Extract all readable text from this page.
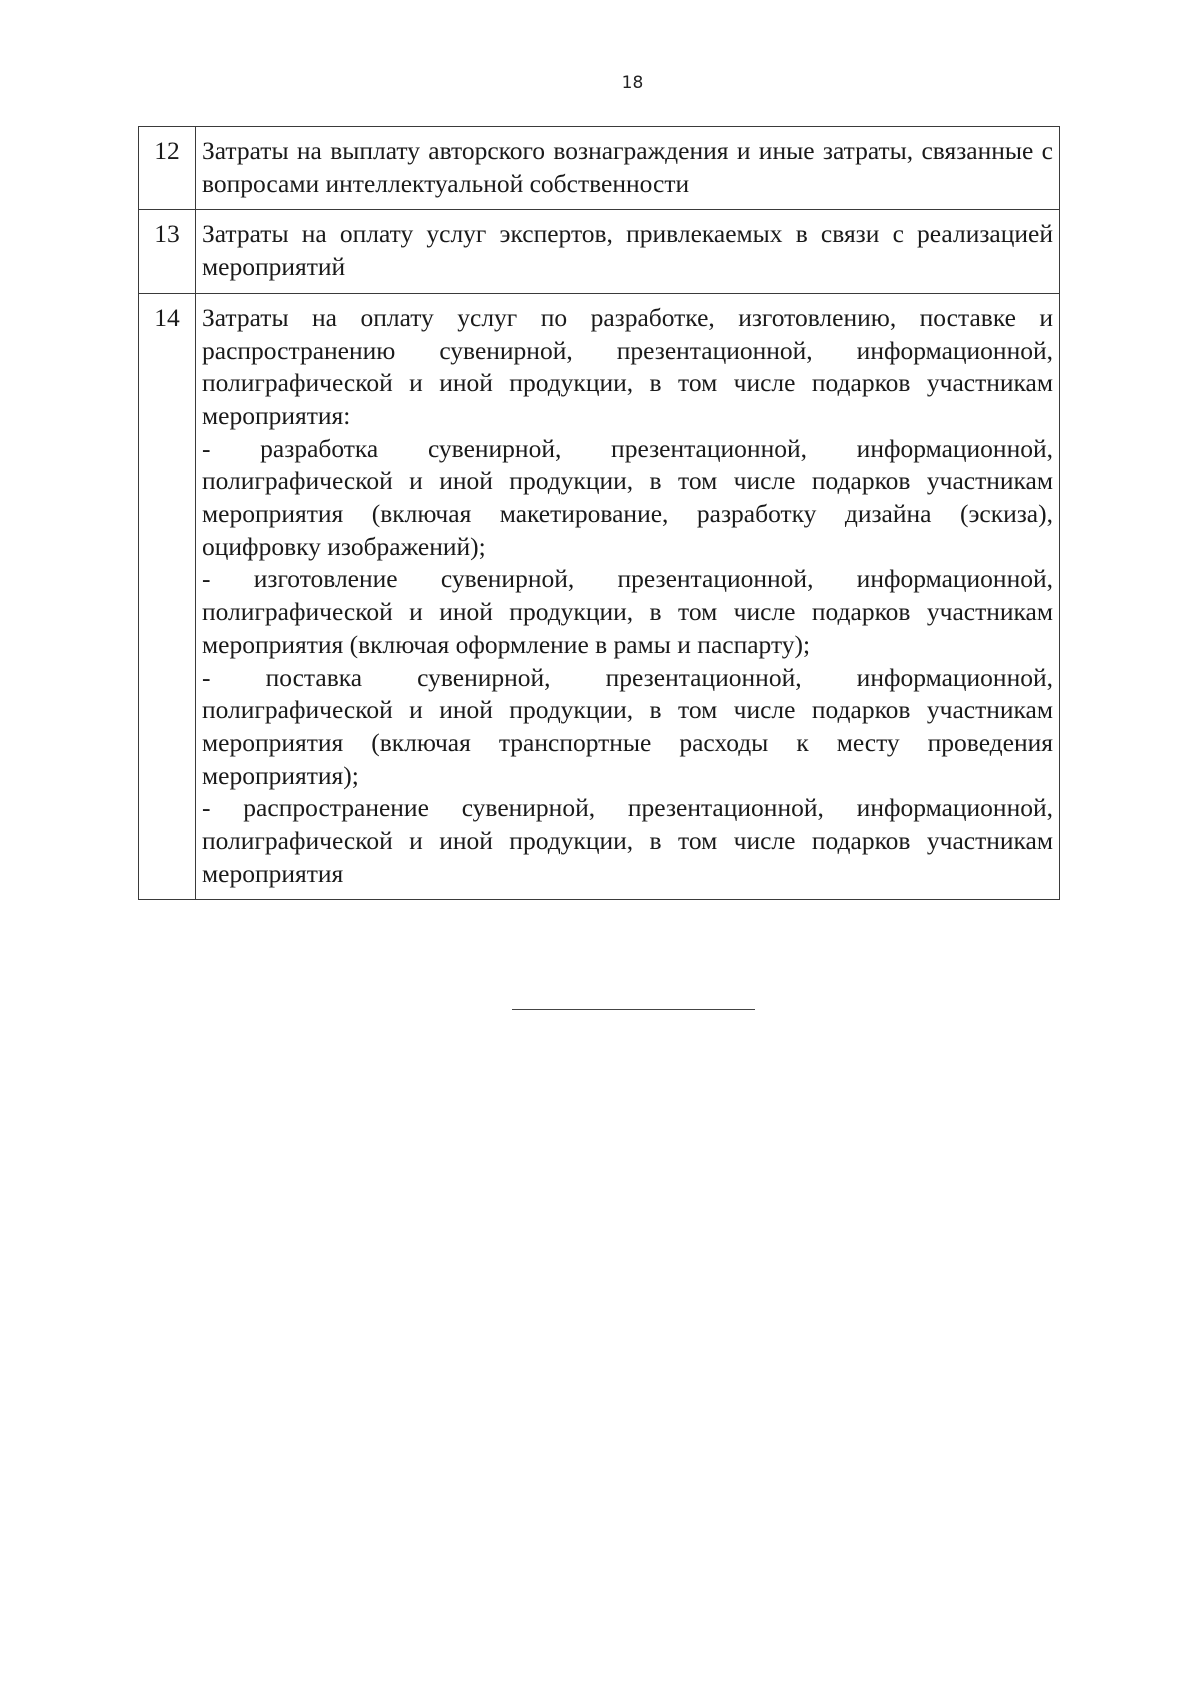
18
12	Затраты на выплату авторского вознаграждения и иные затраты, связанные с вопросами интеллектуальной собственности

13	Затраты на оплату услуг экспертов, привлекаемых в связи с реализацией мероприятий

14	Затраты на оплату услуг по разработке, изготовлению, поставке и распространению сувенирной, презентационной, информационной, полиграфической и иной продукции, в том числе подарков участникам мероприятия:

- разработка сувенирной, презентационной, информационной, полиграфической и иной продукции, в том числе подарков участникам мероприятия (включая макетирование, разработку дизайна (эскиза), оцифровку изображений);

- изготовление сувенирной, презентационной, информационной, полиграфической и иной продукции, в том числе подарков участникам мероприятия (включая оформление в рамы и паспарту);

- поставка сувенирной, презентационной, информационной, полиграфической и иной продукции, в том числе подарков участникам мероприятия (включая транспортные расходы к месту проведения мероприятия);

- распространение сувенирной, презентационной, информационной, полиграфической и иной продукции, в том числе подарков участникам мероприятия
